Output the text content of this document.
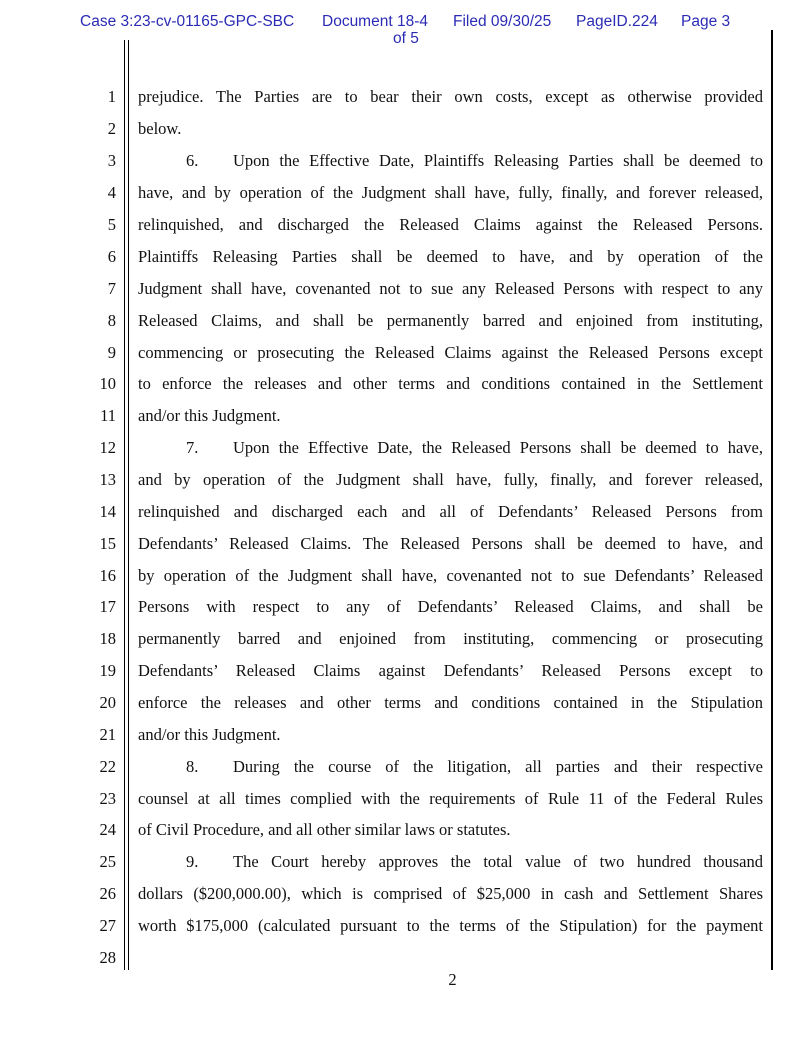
Case 3:23-cv-01165-GPC-SBC Document 18-4 Filed 09/30/25 PageID.224 Page 3
of 5
1
2
3
4
5
6
7
8
9
10
11
12
13
14
15
16
17
18
19
20
21
22
23
24
25
26
27
28
prejudice. The Parties are to bear their own costs, except as otherwise provided
below.
6. Upon the Effective Date, Plaintiffs Releasing Parties shall be deemed to
have, and by operation of the Judgment shall have, fully, finally, and forever released,
relinquished, and discharged the Released Claims against the Released Persons.
Plaintiffs Releasing Parties shall be deemed to have, and by operation of the
Judgment shall have, covenanted not to sue any Released Persons with respect to any
Released Claims, and shall be permanently barred and enjoined from instituting,
commencing or prosecuting the Released Claims against the Released Persons except
to enforce the releases and other terms and conditions contained in the Settlement
and/or this Judgment.
7. Upon the Effective Date, the Released Persons shall be deemed to have,
and by operation of the Judgment shall have, fully, finally, and forever released,
relinquished and discharged each and all of Defendants’ Released Persons from
Defendants’ Released Claims. The Released Persons shall be deemed to have, and
by operation of the Judgment shall have, covenanted not to sue Defendants’ Released
Persons with respect to any of Defendants’ Released Claims, and shall be
permanently barred and enjoined from instituting, commencing or prosecuting
Defendants’ Released Claims against Defendants’ Released Persons except to
enforce the releases and other terms and conditions contained in the Stipulation
and/or this Judgment.
8. During the course of the litigation, all parties and their respective
counsel at all times complied with the requirements of Rule 11 of the Federal Rules
of Civil Procedure, and all other similar laws or statutes.
9. The Court hereby approves the total value of two hundred thousand
dollars ($200,000.00), which is comprised of $25,000 in cash and Settlement Shares
worth $175,000 (calculated pursuant to the terms of the Stipulation) for the payment
2
